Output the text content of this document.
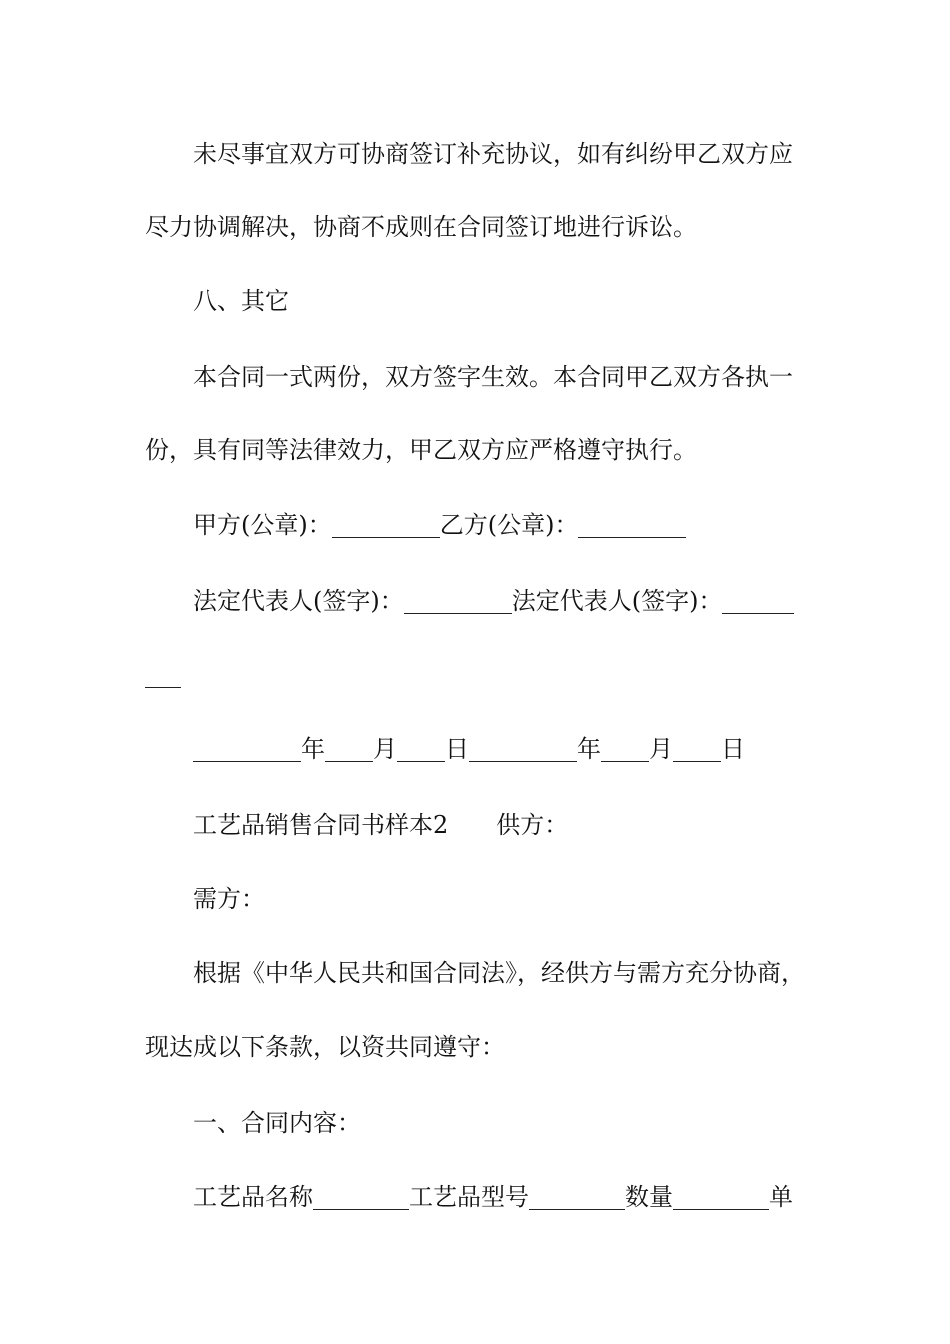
未尽事宜双方可协商签订补充协议，如有纠纷甲乙双方应
尽力协调解决，协商不成则在合同签订地进行诉讼。
八、其它
本合同一式两份，双方签字生效。本合同甲乙双方各执一
份，具有同等法律效力，甲乙双方应严格遵守执行。
甲方(公章)：	乙方(公章)：
法定代表人(签字)：	法定代表人(签字)：
年 月 日	年 月 日
工艺品销售合同书样本2 供方：
需方：
根据《中华人民共和国合同法》，经供方与需方充分协商，
现达成以下条款，以资共同遵守：
一、合同内容：
工艺品名称	工艺品型号	数量	单
